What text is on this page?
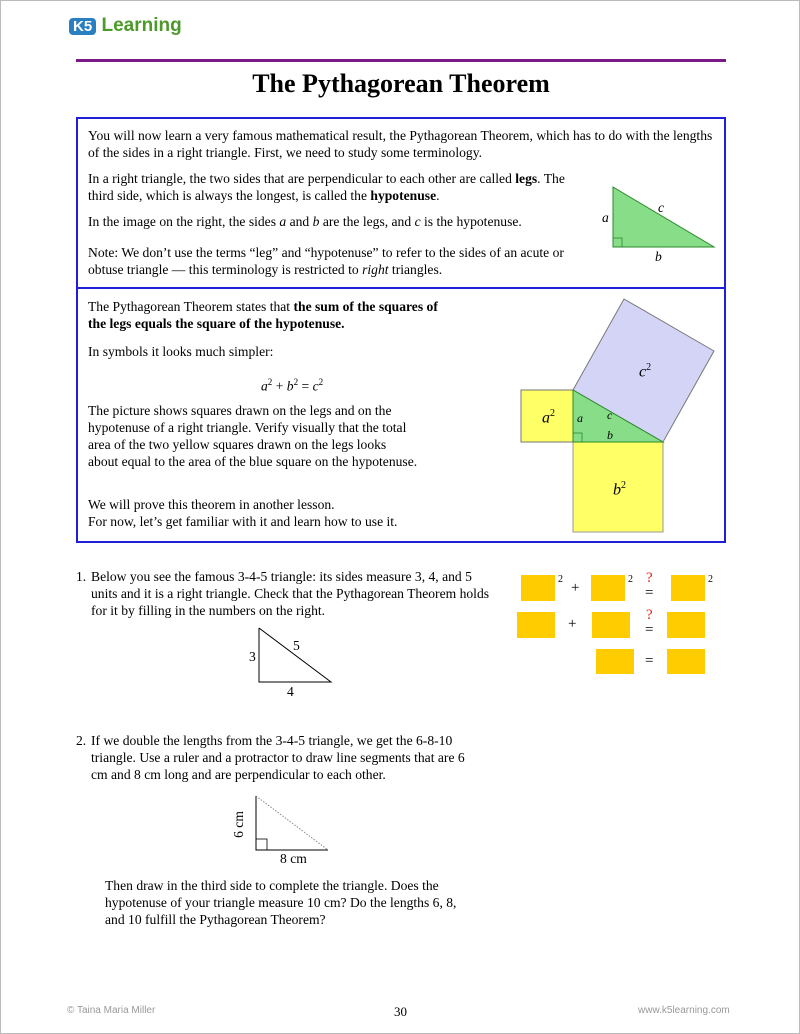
K5 Learning
The Pythagorean Theorem

You will now learn a very famous mathematical result, the Pythagorean Theorem, which has to do with the lengths of the sides in a right triangle. First, we need to study some terminology.

In a right triangle, the two sides that are perpendicular to each other are called legs. The third side, which is always the longest, is called the hypotenuse.

In the image on the right, the sides a and b are the legs, and c is the hypotenuse.

Note: We don’t use the terms “leg” and “hypotenuse” to refer to the sides of an acute or obtuse triangle — this terminology is restricted to right triangles.

a
c
b

The Pythagorean Theorem states that the sum of the squares of the legs equals the square of the hypotenuse.

In symbols it looks much simpler:

$a^2 + b^2 = c^2$

The picture shows squares drawn on the legs and on the hypotenuse of a right triangle. Verify visually that the total area of the two yellow squares drawn on the legs looks about equal to the area of the blue square on the hypotenuse.

We will prove this theorem in another lesson.
For now, let’s get familiar with it and learn how to use it.

$a^2$
$b^2$
$c^2$
a c
b
1. Below you see the famous 3-4-5 triangle: its sides measure 3, 4, and 5 units and it is a right triangle. Check that the Pythagorean Theorem holds for it by filling in the numbers on the right.
3
5
4
2
+
2 ?
=
2
+
?
=
=
2. If we double the lengths from the 3-4-5 triangle, we get the 6-8-10 triangle. Use a ruler and a protractor to draw line segments that are 6 cm and 8 cm long and are perpendicular to each other.
6 cm
8 cm
Then draw in the third side to complete the triangle. Does the hypotenuse of your triangle measure 10 cm? Do the lengths 6, 8, and 10 fulfill the Pythagorean Theorem?
© Taina Maria Miller	30	www.k5learning.com
